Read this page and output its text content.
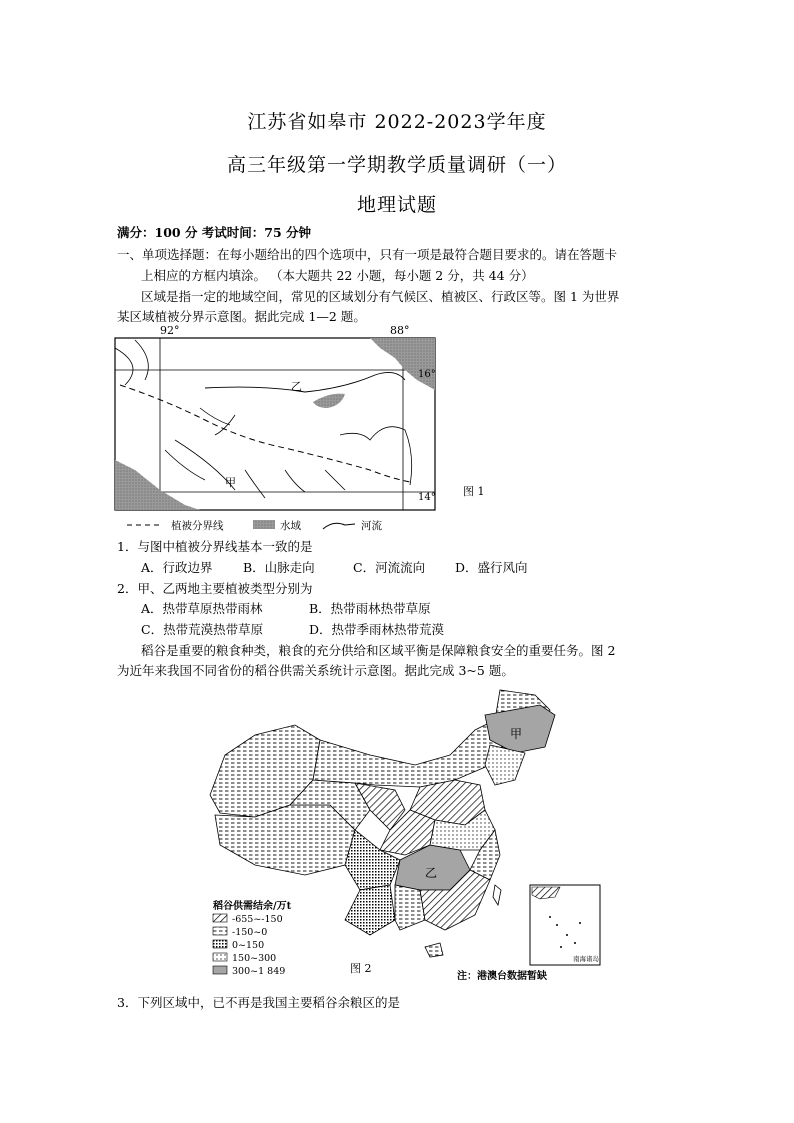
江苏省如皋市 2022-2023学年度
高三年级第一学期教学质量调研（一）
地理试题
满分：100 分 考试时间：75 分钟
一、单项选择题：在每小题给出的四个选项中，只有一项是最符合题目要求的。请在答题卡
上相应的方框内填涂。 （本大题共 22 小题，每小题 2 分，共 44 分）
区域是指一定的地域空间，常见的区域划分有气候区、植被区、行政区等。图 1 为世界
某区域植被分界示意图。据此完成 1—2 题。
92°	88°
乙
甲
16°
14° 图 1
植被分界线	水域	河流
1．与图中植被分界线基本一致的是
A．行政边界 B．山脉走向	C．河流流向 D．盛行风向
2．甲、乙两地主要植被类型分别为
A．热带草原热带雨林	B．热带雨林热带草原
C．热带荒漠热带草原	D．热带季雨林热带荒漠
稻谷是重要的粮食种类，粮食的充分供给和区域平衡是保障粮食安全的重要任务。图 2
为近年来我国不同省份的稻谷供需关系统计示意图。据此完成 3~5 题。
甲
乙
稻谷供需结余/万t
-655~-150
-150~0
0~150
150~300
300~1 849	图 2
南海诸岛
注：港澳台数据暂缺
3．下列区域中，已不再是我国主要稻谷余粮区的是
